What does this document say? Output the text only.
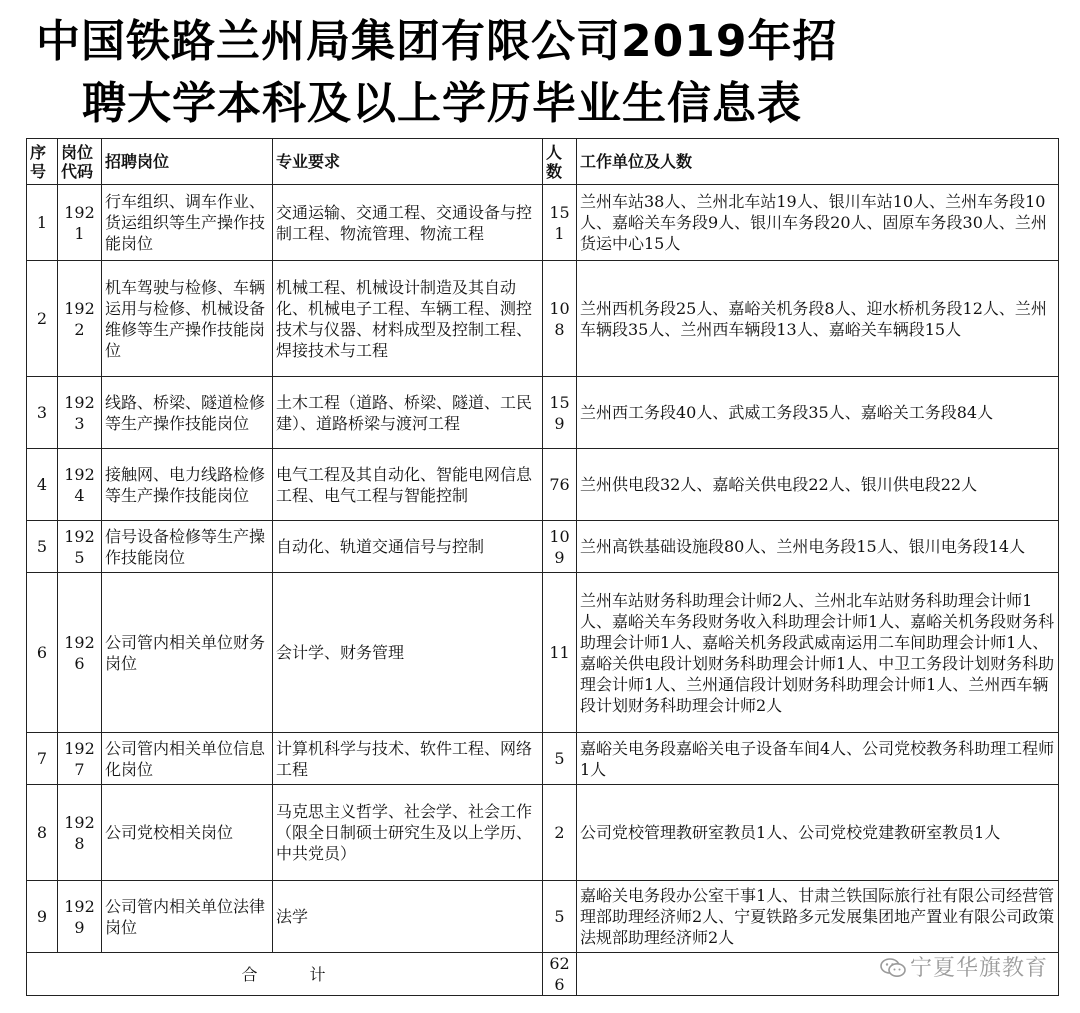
中国铁路兰州局集团有限公司2019年招
聘大学本科及以上学历毕业生信息表
序号	岗位代码	招聘岗位	专业要求	人数	工作单位及人数
1	1921	行车组织、调车作业、货运组织等生产操作技能岗位	交通运输、交通工程、交通设备与控制工程、物流管理、物流工程	151	兰州车站38人、兰州北车站19人、银川车站10人、兰州车务段10人、嘉峪关车务段9人、银川车务段20人、固原车务段30人、兰州货运中心15人
2	1922	机车驾驶与检修、车辆运用与检修、机械设备维修等生产操作技能岗位	机械工程、机械设计制造及其自动化、机械电子工程、车辆工程、测控技术与仪器、材料成型及控制工程、焊接技术与工程	108	兰州西机务段25人、嘉峪关机务段8人、迎水桥机务段12人、兰州车辆段35人、兰州西车辆段13人、嘉峪关车辆段15人
3	1923	线路、桥梁、隧道检修等生产操作技能岗位	土木工程（道路、桥梁、隧道、工民建）、道路桥梁与渡河工程	159	兰州西工务段40人、武威工务段35人、嘉峪关工务段84人
4	1924	接触网、电力线路检修等生产操作技能岗位	电气工程及其自动化、智能电网信息工程、电气工程与智能控制	76	兰州供电段32人、嘉峪关供电段22人、银川供电段22人
5	1925	信号设备检修等生产操作技能岗位	自动化、轨道交通信号与控制	109	兰州高铁基础设施段80人、兰州电务段15人、银川电务段14人
6	1926	公司管内相关单位财务岗位	会计学、财务管理	11	兰州车站财务科助理会计师2人、兰州北车站财务科助理会计师1人、嘉峪关车务段财务收入科助理会计师1人、嘉峪关机务段财务科助理会计师1人、嘉峪关机务段武威南运用二车间助理会计师1人、嘉峪关供电段计划财务科助理会计师1人、中卫工务段计划财务科助理会计师1人、兰州通信段计划财务科助理会计师1人、兰州西车辆段计划财务科助理会计师2人
7	1927	公司管内相关单位信息化岗位	计算机科学与技术、软件工程、网络工程	5	嘉峪关电务段嘉峪关电子设备车间4人、公司党校教务科助理工程师1人
8	1928	公司党校相关岗位	马克思主义哲学、社会学、社会工作（限全日制硕士研究生及以上学历、中共党员）	2	公司党校管理教研室教员1人、公司党校党建教研室教员1人
9	1929	公司管内相关单位法律岗位	法学	5	嘉峪关电务段办公室干事1人、甘肃兰铁国际旅行社有限公司经营管理部助理经济师2人、宁夏铁路多元发展集团地产置业有限公司政策法规部助理经济师2人
合 计				626	
宁夏华旗教育
